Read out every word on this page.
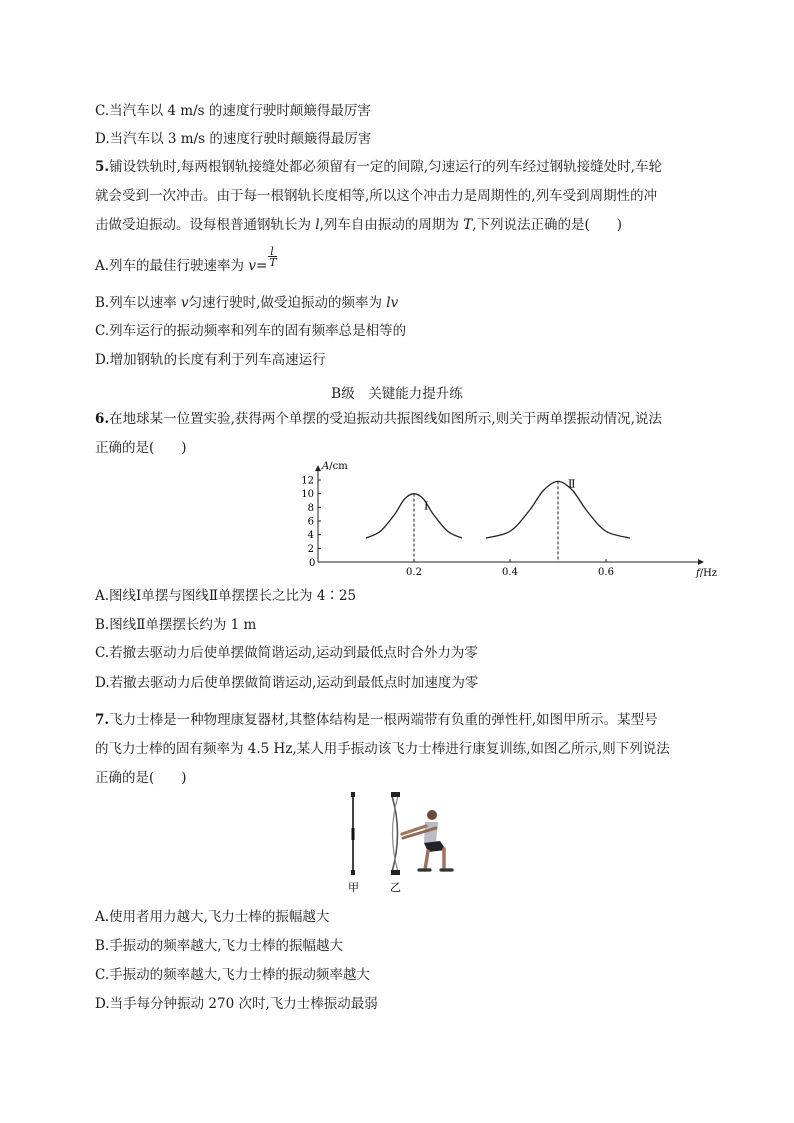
C.当汽车以 4 m/s 的速度行驶时颠簸得最厉害
D.当汽车以 3 m/s 的速度行驶时颠簸得最厉害
5.铺设铁轨时,每两根钢轨接缝处都必须留有一定的间隙,匀速运行的列车经过钢轨接缝处时,车轮
就会受到一次冲击。由于每一根钢轨长度相等,所以这个冲击力是周期性的,列车受到周期性的冲
击做受迫振动。设每根普通钢轨长为 l,列车自由振动的周期为 T,下列说法正确的是(　　)
A.列车的最佳行驶速率为 v=
l
T
B.列车以速率 v匀速行驶时,做受迫振动的频率为 lv
C.列车运行的振动频率和列车的固有频率总是相等的
D.增加钢轨的长度有利于列车高速运行
B级　关键能力提升练
6.在地球某一位置实验,获得两个单摆的受迫振动共振图线如图所示,则关于两单摆振动情况,说法
正确的是(　　)
A/cm
f/Hz
0
2
4
6
8
10
12
0.2	0.4	0.6
Ⅰ
Ⅱ
A.图线Ⅰ单摆与图线Ⅱ单摆摆长之比为 4∶25
B.图线Ⅱ单摆摆长约为 1 m
C.若撤去驱动力后使单摆做简谐运动,运动到最低点时合外力为零
D.若撤去驱动力后使单摆做简谐运动,运动到最低点时加速度为零
7.飞力士棒是一种物理康复器材,其整体结构是一根两端带有负重的弹性杆,如图甲所示。某型号
的飞力士棒的固有频率为 4.5 Hz,某人用手振动该飞力士棒进行康复训练,如图乙所示,则下列说法
正确的是(　　)
甲	乙
A.使用者用力越大,飞力士棒的振幅越大
B.手振动的频率越大,飞力士棒的振幅越大
C.手振动的频率越大,飞力士棒的振动频率越大
D.当手每分钟振动 270 次时,飞力士棒振动最弱
